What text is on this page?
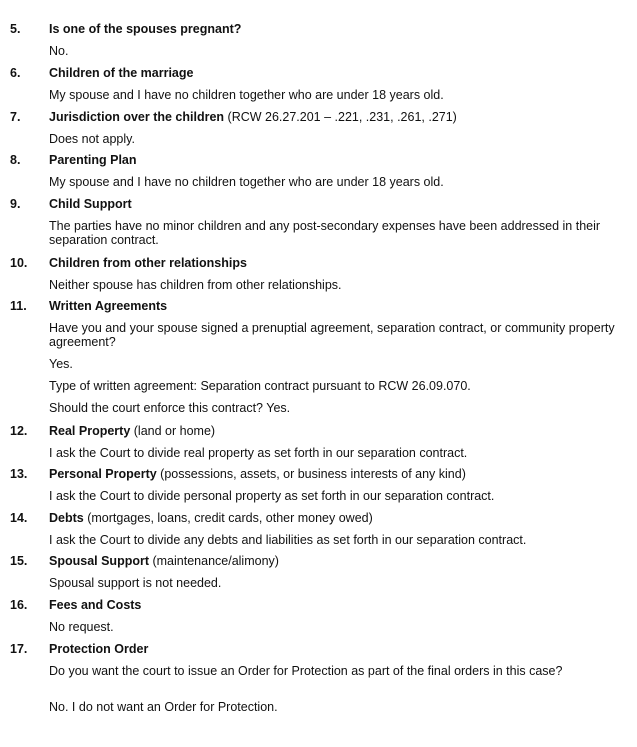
5. Is one of the spouses pregnant?
No.
6. Children of the marriage
My spouse and I have no children together who are under 18 years old.
7. Jurisdiction over the children (RCW 26.27.201 – .221, .231, .261, .271)
Does not apply.
8. Parenting Plan
My spouse and I have no children together who are under 18 years old.
9. Child Support
The parties have no minor children and any post-secondary expenses have been addressed in their separation contract.
10. Children from other relationships
Neither spouse has children from other relationships.
11. Written Agreements
Have you and your spouse signed a prenuptial agreement, separation contract, or community property agreement?
Yes.
Type of written agreement: Separation contract pursuant to RCW 26.09.070.
Should the court enforce this contract? Yes.
12. Real Property (land or home)
I ask the Court to divide real property as set forth in our separation contract.
13. Personal Property (possessions, assets, or business interests of any kind)
I ask the Court to divide personal property as set forth in our separation contract.
14. Debts (mortgages, loans, credit cards, other money owed)
I ask the Court to divide any debts and liabilities as set forth in our separation contract.
15. Spousal Support (maintenance/alimony)
Spousal support is not needed.
16. Fees and Costs
No request.
17. Protection Order
Do you want the court to issue an Order for Protection as part of the final orders in this case?
No. I do not want an Order for Protection.
